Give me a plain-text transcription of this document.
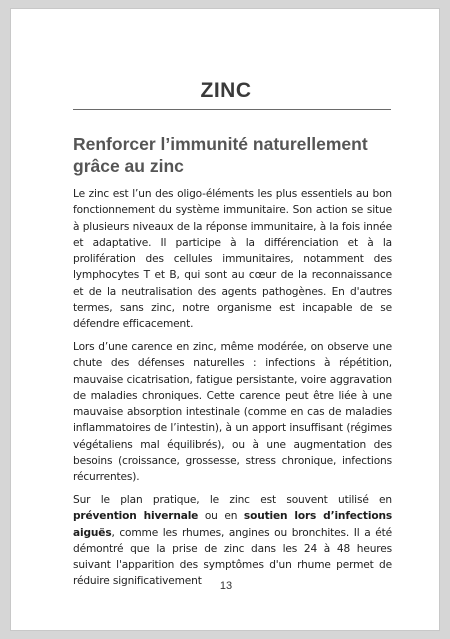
ZINC
Renforcer l’immunité naturellement grâce au zinc

Le zinc est l’un des oligo-éléments les plus essentiels au bon fonctionnement du système immunitaire. Son action se situe à plusieurs niveaux de la réponse immunitaire, à la fois innée et adaptative. Il participe à la différenciation et à la prolifération des cellules immunitaires, notamment des lymphocytes T et B, qui sont au cœur de la reconnaissance et de la neutralisation des agents pathogènes. En d'autres termes, sans zinc, notre organisme est incapable de se défendre efficacement.

Lors d’une carence en zinc, même modérée, on observe une chute des défenses naturelles : infections à répétition, mauvaise cicatrisation, fatigue persistante, voire aggravation de maladies chroniques. Cette carence peut être liée à une mauvaise absorption intestinale (comme en cas de maladies inflammatoires de l’intestin), à un apport insuffisant (régimes végétaliens mal équilibrés), ou à une augmentation des besoins (croissance, grossesse, stress chronique, infections récurrentes).

Sur le plan pratique, le zinc est souvent utilisé en prévention hivernale ou en soutien lors d’infections aiguës, comme les rhumes, angines ou bronchites. Il a été démontré que la prise de zinc dans les 24 à 48 heures suivant l'apparition des symptômes d'un rhume permet de réduire significativement	13
